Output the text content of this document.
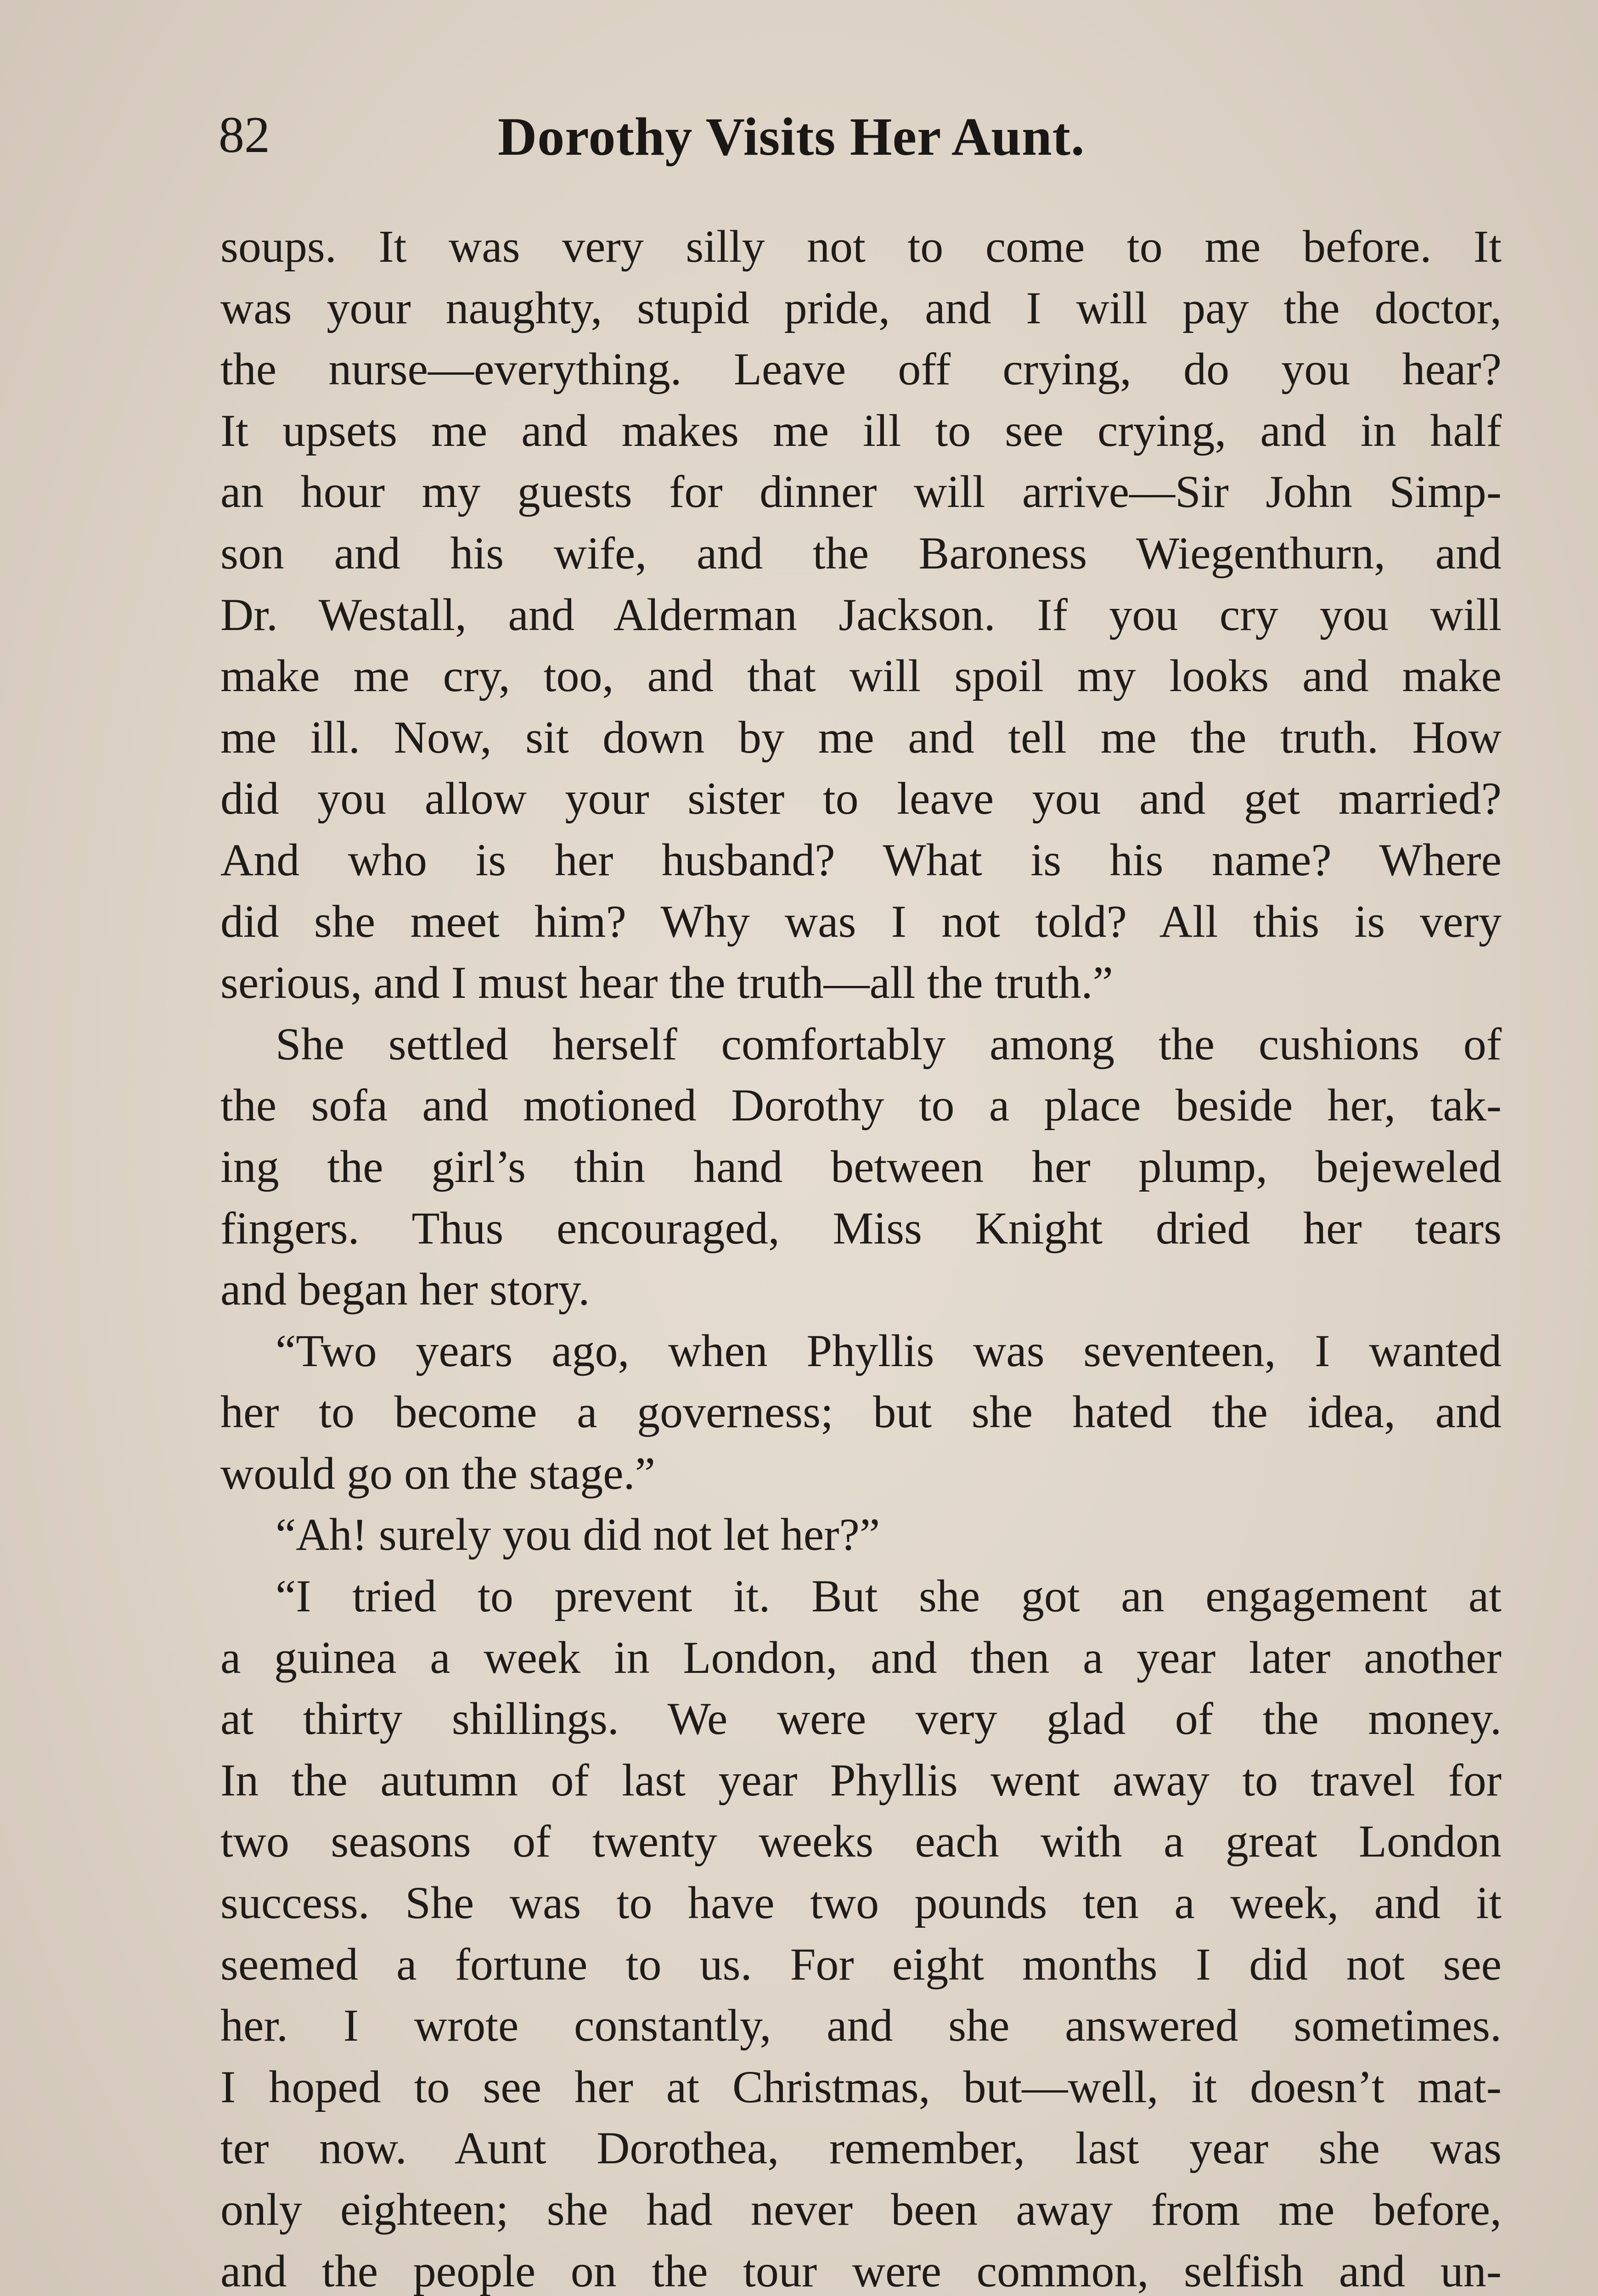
82	Dorothy Visits Her Aunt.
soups. It was very silly not to come to me before. It
was your naughty, stupid pride, and I will pay the doctor,
the nurse—everything. Leave off crying, do you hear?
It upsets me and makes me ill to see crying, and in half
an hour my guests for dinner will arrive—Sir John Simp-
son and his wife, and the Baroness Wiegenthurn, and
Dr. Westall, and Alderman Jackson. If you cry you will
make me cry, too, and that will spoil my looks and make
me ill. Now, sit down by me and tell me the truth. How
did you allow your sister to leave you and get married?
And who is her husband? What is his name? Where
did she meet him? Why was I not told? All this is very
serious, and I must hear the truth—all the truth.”
She settled herself comfortably among the cushions of
the sofa and motioned Dorothy to a place beside her, tak-
ing the girl’s thin hand between her plump, bejeweled
fingers. Thus encouraged, Miss Knight dried her tears
and began her story.
“Two years ago, when Phyllis was seventeen, I wanted
her to become a governess; but she hated the idea, and
would go on the stage.”
“Ah! surely you did not let her?”
“I tried to prevent it. But she got an engagement at
a guinea a week in London, and then a year later another
at thirty shillings. We were very glad of the money.
In the autumn of last year Phyllis went away to travel for
two seasons of twenty weeks each with a great London
success. She was to have two pounds ten a week, and it
seemed a fortune to us. For eight months I did not see
her. I wrote constantly, and she answered sometimes.
I hoped to see her at Christmas, but—well, it doesn’t mat-
ter now. Aunt Dorothea, remember, last year she was
only eighteen; she had never been away from me before,
and the people on the tour were common, selfish and un-
